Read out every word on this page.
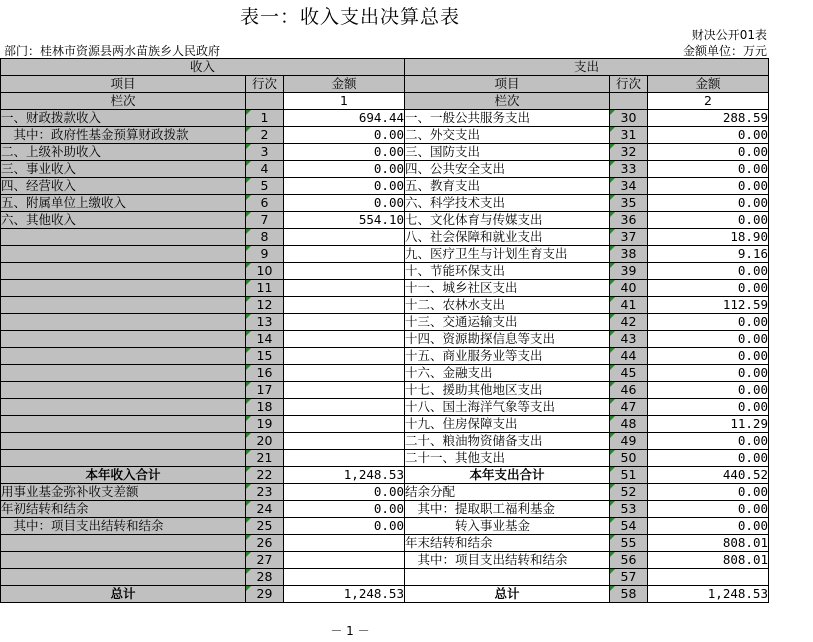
表一：收入支出决算总表
财决公开01表
部门：桂林市资源县两水苗族乡人民政府	金额单位：万元
收入			支出		
项目	行次	金额	项目	行次	金额
栏次		1	栏次		2
一、财政拨款收入	1	694.44	一、一般公共服务支出	30	288.59
　其中：政府性基金预算财政拨款	2	0.00	二、外交支出	31	0.00
二、上级补助收入	3	0.00	三、国防支出	32	0.00
三、事业收入	4	0.00	四、公共安全支出	33	0.00
四、经营收入	5	0.00	五、教育支出	34	0.00
五、附属单位上缴收入	6	0.00	六、科学技术支出	35	0.00
六、其他收入	7	554.10	七、文化体育与传媒支出	36	0.00
	8		八、社会保障和就业支出	37	18.90
	9		九、医疗卫生与计划生育支出	38	9.16
	10		十、节能环保支出	39	0.00
	11		十一、城乡社区支出	40	0.00
	12		十二、农林水支出	41	112.59
	13		十三、交通运输支出	42	0.00
	14		十四、资源勘探信息等支出	43	0.00
	15		十五、商业服务业等支出	44	0.00
	16		十六、金融支出	45	0.00
	17		十七、援助其他地区支出	46	0.00
	18		十八、国土海洋气象等支出	47	0.00
	19		十九、住房保障支出	48	11.29
	20		二十、粮油物资储备支出	49	0.00
	21		二十一、其他支出	50	0.00
本年收入合计	22	1,248.53	本年支出合计	51	440.52
用事业基金弥补收支差额	23	0.00	结余分配	52	0.00
年初结转和结余	24	0.00	　其中：提取职工福利基金	53	0.00
　其中：项目支出结转和结余	25	0.00	　　　　转入事业基金	54	0.00
	26		年末结转和结余	55	808.01
	27		　其中：项目支出结转和结余	56	808.01
	28			57	
总计	29	1,248.53	总计	58	1,248.53
－ 1 －
